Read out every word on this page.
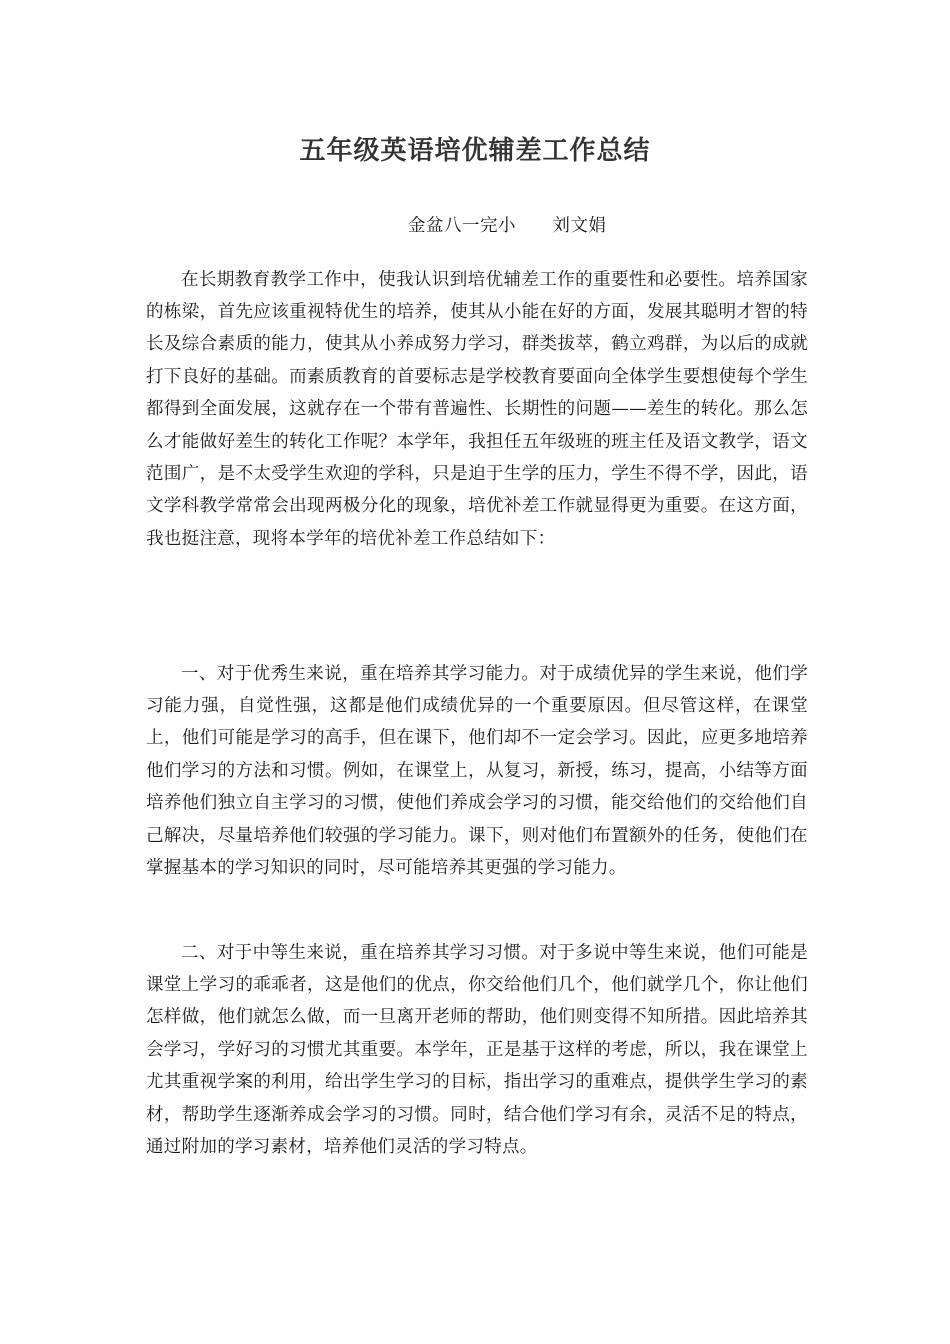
五年级英语培优辅差工作总结
金盆八一完小      刘文娟

在长期教育教学工作中，使我认识到培优辅差工作的重要性和必要性。培养国家的栋梁，首先应该重视特优生的培养，使其从小能在好的方面，发展其聪明才智的特长及综合素质的能力，使其从小养成努力学习，群类拔萃，鹤立鸡群，为以后的成就打下良好的基础。而素质教育的首要标志是学校教育要面向全体学生要想使每个学生都得到全面发展，这就存在一个带有普遍性、长期性的问题——差生的转化。那么怎么才能做好差生的转化工作呢？本学年，我担任五年级班的班主任及语文教学，语文范围广，是不太受学生欢迎的学科，只是迫于生学的压力，学生不得不学，因此，语文学科教学常常会出现两极分化的现象，培优补差工作就显得更为重要。在这方面，我也挺注意，现将本学年的培优补差工作总结如下：

一、对于优秀生来说，重在培养其学习能力。对于成绩优异的学生来说，他们学习能力强，自觉性强，这都是他们成绩优异的一个重要原因。但尽管这样，在课堂上，他们可能是学习的高手，但在课下，他们却不一定会学习。因此，应更多地培养他们学习的方法和习惯。例如，在课堂上，从复习，新授，练习，提高，小结等方面培养他们独立自主学习的习惯，使他们养成会学习的习惯，能交给他们的交给他们自己解决，尽量培养他们较强的学习能力。课下，则对他们布置额外的任务，使他们在掌握基本的学习知识的同时，尽可能培养其更强的学习能力。

二、对于中等生来说，重在培养其学习习惯。对于多说中等生来说，他们可能是课堂上学习的乖乖者，这是他们的优点，你交给他们几个，他们就学几个，你让他们怎样做，他们就怎么做，而一旦离开老师的帮助，他们则变得不知所措。因此培养其会学习，学好习的习惯尤其重要。本学年，正是基于这样的考虑，所以，我在课堂上尤其重视学案的利用，给出学生学习的目标，指出学习的重难点，提供学生学习的素材，帮助学生逐渐养成会学习的习惯。同时，结合他们学习有余，灵活不足的特点，通过附加的学习素材，培养他们灵活的学习特点。
